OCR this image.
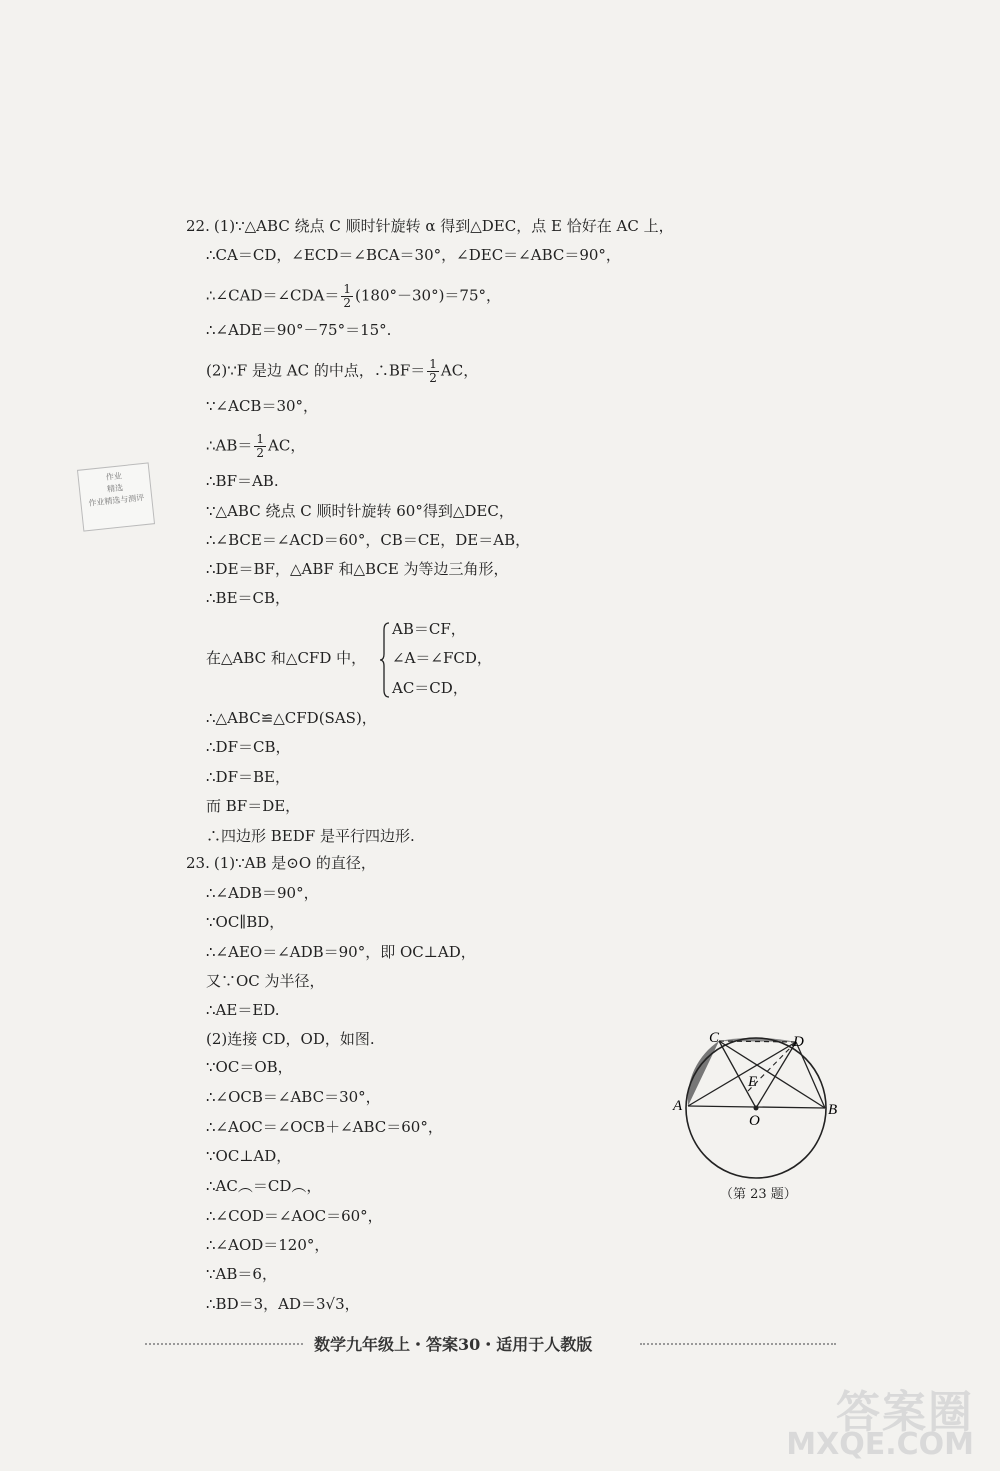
22. (1)∵△ABC 绕点 C 顺时针旋转 α 得到△DEC，点 E 恰好在 AC 上，
∴CA＝CD，∠ECD＝∠BCA＝30°，∠DEC＝∠ABC＝90°，
∴∠CAD＝∠CDA＝ $\frac{1}{2} (180^\circ-30^\circ)=75^\circ$，
∴∠ADE＝90°－75°＝15°.
(2)∵F 是边 AC 的中点，∴BF＝ $\frac{1}{2}$ AC，
∵∠ACB＝30°，
∴AB＝ $\frac{1}{2}$ AC，
∴BF＝AB.
∵△ABC 绕点 C 顺时针旋转 60°得到△DEC，
∴∠BCE＝∠ACD＝60°，CB＝CE，DE＝AB，
∴DE＝BF，△ABF 和△BCE 为等边三角形，
∴BE＝CB，
在△ABC 和△CFD 中，
∴△ABC≌△CFD(SAS)，
∴DF＝CB，
∴DF＝BE，
而 BF＝DE，
∴四边形 BEDF 是平行四边形.
23. (1)∵AB 是⊙O 的直径，
∴∠ADB＝90°，
∵OC∥BD，
∴∠AEO＝∠ADB＝90°，即 OC⊥AD，
又∵OC 为半径，
∴AE＝ED.
(2)连接 CD，OD，如图.
∵OC＝OB，
∴∠OCB＝∠ABC＝30°，
∴∠AOC＝∠OCB＋∠ABC＝60°，
∵OC⊥AD，
∴AC︵＝CD︵，
∴∠COD＝∠AOC＝60°，
∴∠AOD＝120°，
∵AB＝6，
∴BD＝3，AD＝3√3，
AB＝CF，
∠A＝∠FCD，
AC＝CD，
作业
精选
作业精选与测评
C	D
E
A	B
O
（第 23 题）
数学九年级上・答案30・适用于人教版
答案圈
MXQE.COM
